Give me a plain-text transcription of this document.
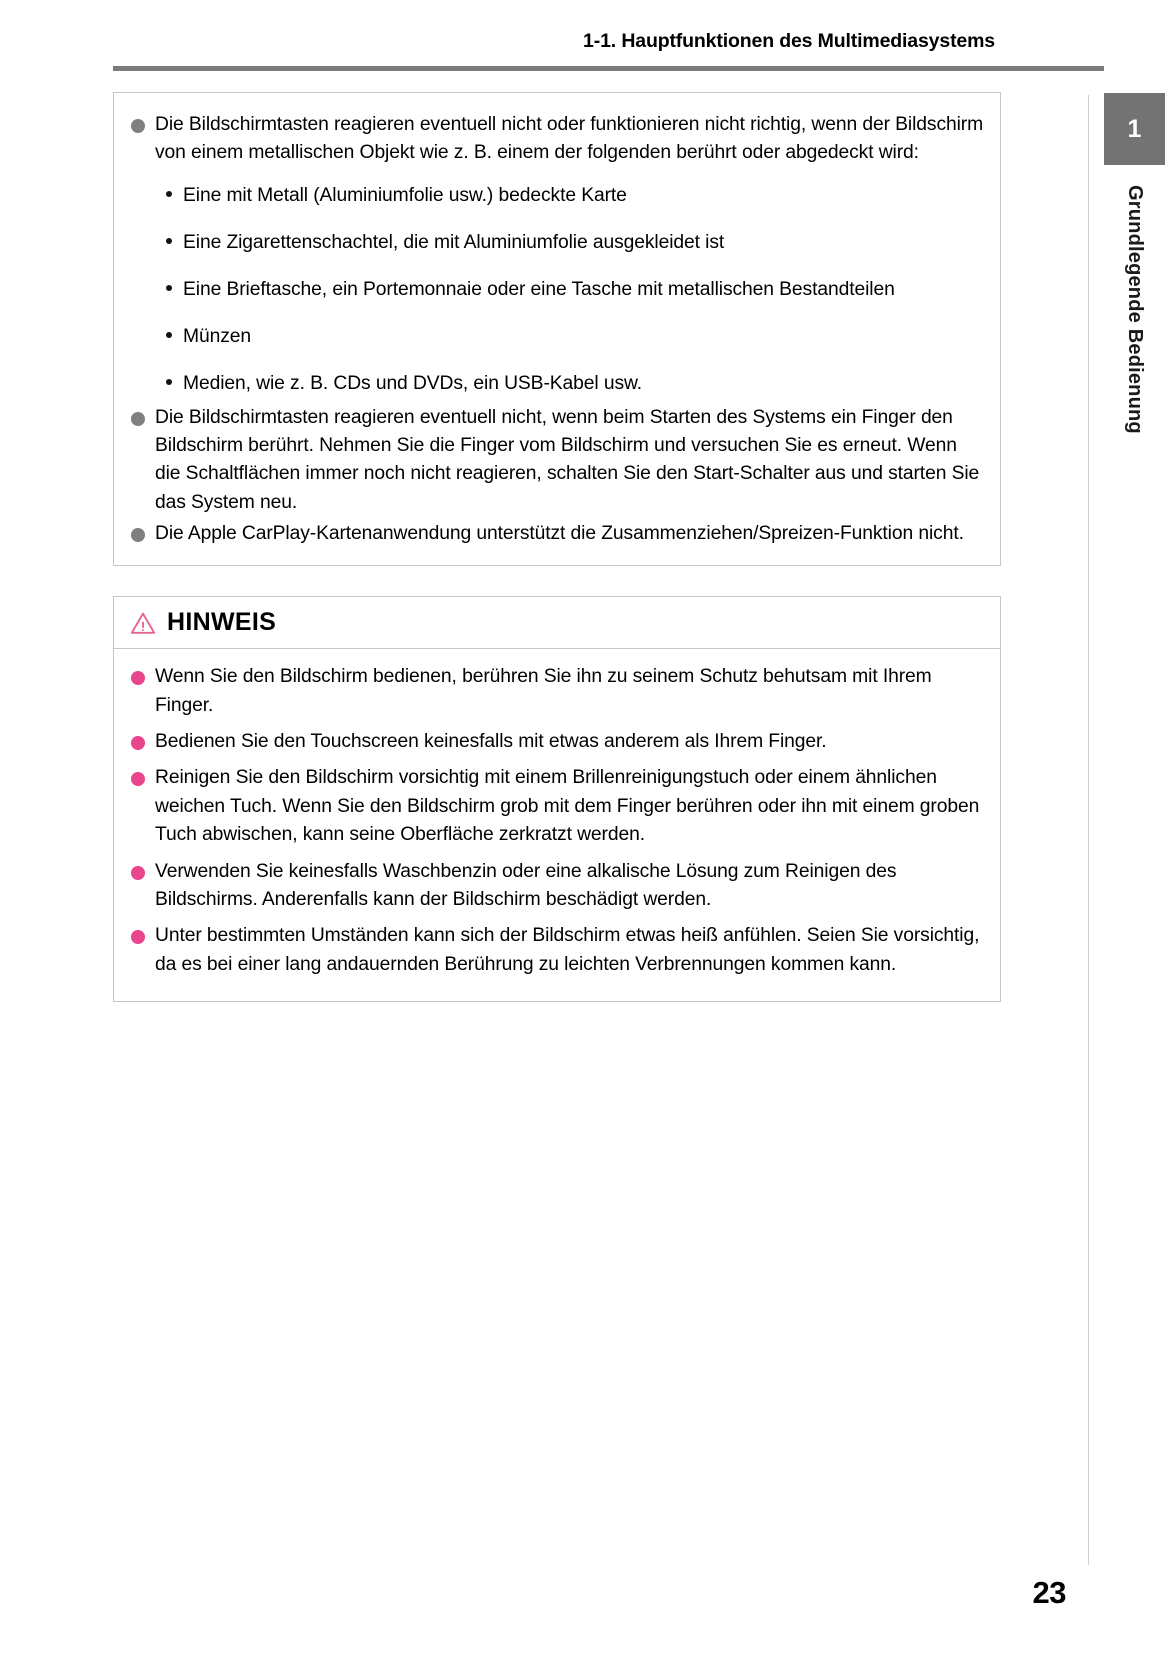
1-1. Hauptfunktionen des Multimediasystems
1
Grundlegende Bedienung
Die Bildschirmtasten reagieren eventuell nicht oder funktionieren nicht richtig, wenn der Bildschirm von einem metallischen Objekt wie z. B. einem der folgenden berührt oder abgedeckt wird:
Eine mit Metall (Aluminiumfolie usw.) bedeckte Karte
Eine Zigarettenschachtel, die mit Aluminiumfolie ausgekleidet ist
Eine Brieftasche, ein Portemonnaie oder eine Tasche mit metallischen Bestandteilen
Münzen
Medien, wie z. B. CDs und DVDs, ein USB-Kabel usw.
Die Bildschirmtasten reagieren eventuell nicht, wenn beim Starten des Systems ein Finger den Bildschirm berührt. Nehmen Sie die Finger vom Bildschirm und versuchen Sie es erneut. Wenn die Schaltflächen immer noch nicht reagieren, schalten Sie den Start-Schalter aus und starten Sie das System neu.
Die Apple CarPlay-Kartenanwendung unterstützt die Zusammenziehen/Spreizen-Funktion nicht.
HINWEIS
Wenn Sie den Bildschirm bedienen, berühren Sie ihn zu seinem Schutz behutsam mit Ihrem Finger.
Bedienen Sie den Touchscreen keinesfalls mit etwas anderem als Ihrem Finger.
Reinigen Sie den Bildschirm vorsichtig mit einem Brillenreinigungstuch oder einem ähnlichen weichen Tuch. Wenn Sie den Bildschirm grob mit dem Finger berühren oder ihn mit einem groben Tuch abwischen, kann seine Oberfläche zerkratzt werden.
Verwenden Sie keinesfalls Waschbenzin oder eine alkalische Lösung zum Reinigen des Bildschirms. Anderenfalls kann der Bildschirm beschädigt werden.
Unter bestimmten Umständen kann sich der Bildschirm etwas heiß anfühlen. Seien Sie vorsichtig, da es bei einer lang andauernden Berührung zu leichten Verbrennungen kommen kann.
23
